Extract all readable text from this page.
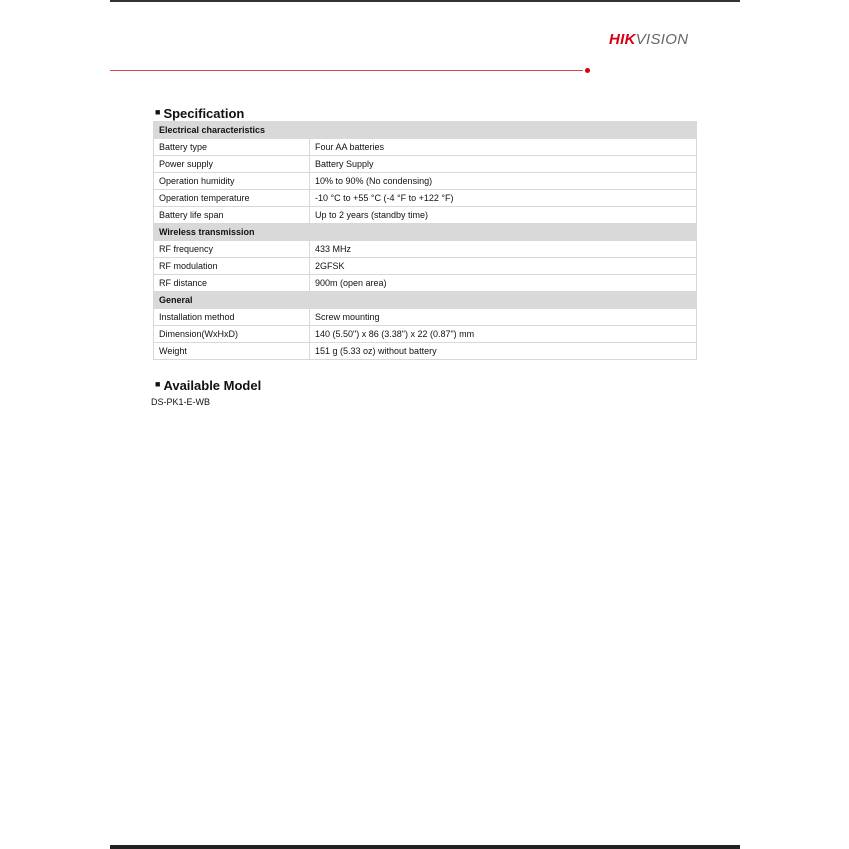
HIKVISION
■ Specification
Electrical characteristics	
Battery type	Four AA batteries
Power supply	Battery Supply
Operation humidity	10% to 90% (No condensing)
Operation temperature	-10 °C to +55 °C (-4 °F to +122 °F)
Battery life span	Up to 2 years (standby time)
Wireless transmission	
RF frequency	433 MHz
RF modulation	2GFSK
RF distance	900m (open area)
General	
Installation method	Screw mounting
Dimension(WxHxD)	140 (5.50") x 86 (3.38") x 22 (0.87") mm
Weight	151 g (5.33 oz) without battery
■ Available Model
DS-PK1-E-WB
